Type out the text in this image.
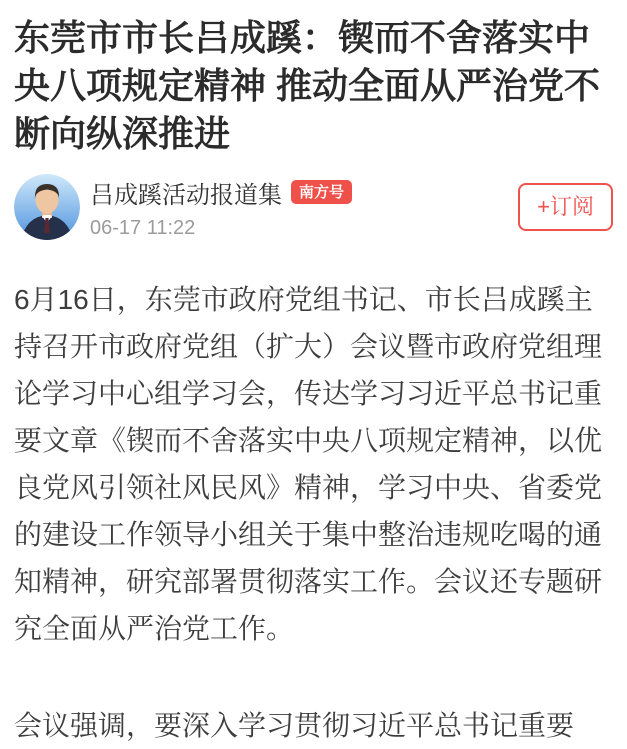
东莞市市长吕成蹊：锲而不舍落实中央八项规定精神 推动全面从严治党不断向纵深推进
吕成蹊活动报道集	南方号
06-17 11:22
+订阅

6月16日，东莞市政府党组书记、市长吕成蹊主持召开市政府党组（扩大）会议暨市政府党组理论学习中心组学习会，传达学习习近平总书记重要文章《锲而不舍落实中央八项规定精神，以优良党风引领社风民风》精神，学习中央、省委党的建设工作领导小组关于集中整治违规吃喝的通知精神，研究部署贯彻落实工作。会议还专题研究全面从严治党工作。

会议强调，要深入学习贯彻习近平总书记重要
